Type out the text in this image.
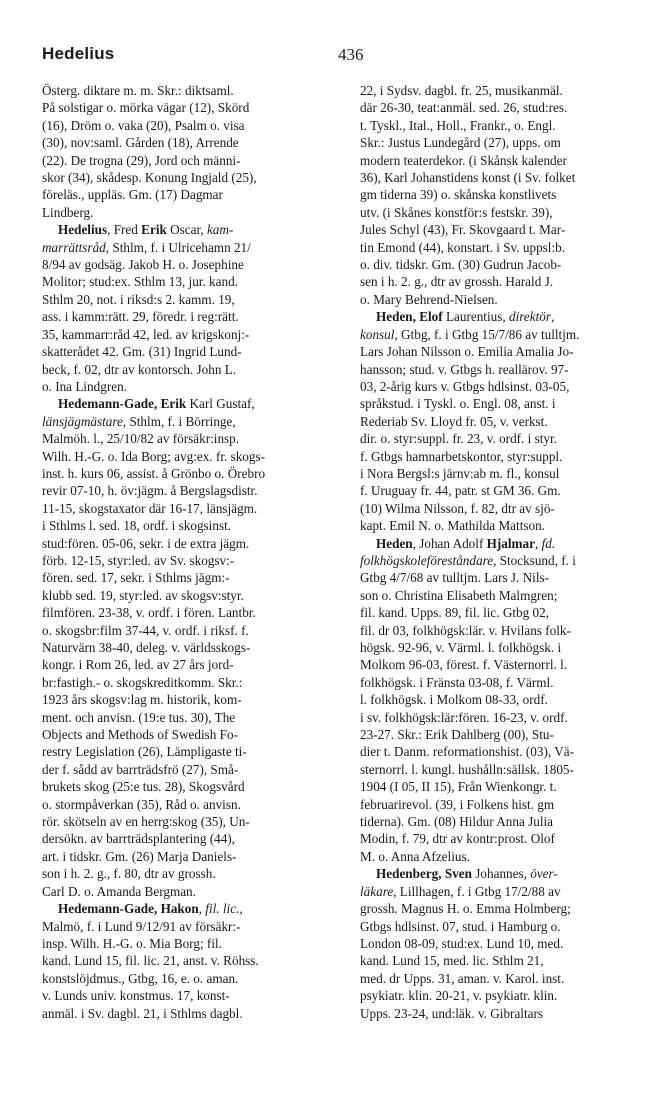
Hedelius	436
Österg. diktare m. m. Skr.: diktsaml.
På solstigar o. mörka vägar (12), Skörd
(16), Dröm o. vaka (20), Psalm o. visa
(30), nov:saml. Gården (18), Arrende
(22). De trogna (29), Jord och männi-
skor (34), skådesp. Konung Ingjald (25),
föreläs., uppläs. Gm. (17) Dagmar
Lindberg.
Hedelius, Fred Erik Oscar, kam-
marrättsråd, Sthlm, f. i Ulricehamn 21/
8/94 av godsäg. Jakob H. o. Josephine
Molitor; stud:ex. Sthlm 13, jur. kand.
Sthlm 20, not. i riksd:s 2. kamm. 19,
ass. i kamm:rätt. 29, föredr. i reg:rätt.
35, kammarr:råd 42, led. av krigskonj:-
skatterådet 42. Gm. (31) Ingrid Lund-
beck, f. 02, dtr av kontorsch. John L.
o. Ina Lindgren.
Hedemann-Gade, Erik Karl Gustaf,
länsjägmästare, Sthlm, f. i Börringe,
Malmöh. l., 25/10/82 av försäkr:insp.
Wilh. H.-G. o. Ida Borg; avg:ex. fr. skogs-
inst. h. kurs 06, assist. å Grönbo o. Örebro
revir 07-10, h. öv:jägm. å Bergslagsdistr.
11-15, skogstaxator där 16-17, länsjägm.
i Sthlms l. sed. 18, ordf. i skogsinst.
stud:fören. 05-06, sekr. i de extra jägm.
förb. 12-15, styr:led. av Sv. skogsv:-
fören. sed. 17, sekr. i Sthlms jägm:-
klubb sed. 19, styr:led. av skogsv:styr.
filmfören. 23-38, v. ordf. i fören. Lantbr.
o. skogsbr:film 37-44, v. ordf. i riksf. f.
Naturvärn 38-40, deleg. v. världsskogs-
kongr. i Rom 26, led. av 27 års jord-
br:fastigh.- o. skogskreditkomm. Skr.:
1923 års skogsv:lag m. historik, kom-
ment. och anvisn. (19:e tus. 30), The
Objects and Methods of Swedish Fo-
restry Legislation (26), Lämpligaste ti-
der f. sådd av barrträdsfrö (27), Små-
brukets skog (25:e tus. 28), Skogsvård
o. stormpåverkan (35), Råd o. anvisn.
rör. skötseln av en herrg:skog (35), Un-
dersökn. av barrträdsplantering (44),
art. i tidskr. Gm. (26) Marja Daniels-
son i h. 2. g., f. 80, dtr av grossh.
Carl D. o. Amanda Bergman.
Hedemann-Gade, Hakon, fil. lic.,
Malmö, f. i Lund 9/12/91 av försäkr:-
insp. Wilh. H.-G. o. Mia Borg; fil.
kand. Lund 15, fil. lic. 21, anst. v. Röhss.
konstslöjdmus., Gtbg, 16, e. o. aman.
v. Lunds univ. konstmus. 17, konst-
anmäl. i Sv. dagbl. 21, i Sthlms dagbl.
22, i Sydsv. dagbl. fr. 25, musikanmäl.
där 26-30, teat:anmäl. sed. 26, stud:res.
t. Tyskl., Ital., Holl., Frankr., o. Engl.
Skr.: Justus Lundegård (27), upps. om
modern teaterdekor. (i Skånsk kalender
36), Karl Johanstidens konst (i Sv. folket
gm tiderna 39) o. skånska konstlivets
utv. (i Skånes konstför:s festskr. 39),
Jules Schyl (43), Fr. Skovgaard t. Mar-
tin Emond (44), konstart. i Sv. uppsl:b.
o. div. tidskr. Gm. (30) Gudrun Jacob-
sen i h. 2. g., dtr av grossh. Harald J.
o. Mary Behrend-Nielsen.
Heden, Elof Laurentius, direktör,
konsul, Gtbg, f. i Gtbg 15/7/86 av tulltjm.
Lars Johan Nilsson o. Emilia Amalia Jo-
hansson; stud. v. Gtbgs h. reallärov. 97-
03, 2-årig kurs v. Gtbgs hdlsinst. 03-05,
språkstud. i Tyskl. o. Engl. 08, anst. i
Rederiab Sv. Lloyd fr. 05, v. verkst.
dir. o. styr:suppl. fr. 23, v. ordf. i styr.
f. Gtbgs hamnarbetskontor, styr:suppl.
i Nora Bergsl:s järnv:ab m. fl., konsul
f. Uruguay fr. 44, patr. st GM 36. Gm.
(10) Wilma Nilsson, f. 82, dtr av sjö-
kapt. Emil N. o. Mathilda Mattson.
Heden, Johan Adolf Hjalmar, fd.
folkhögskoleföreståndare, Stocksund, f. i
Gtbg 4/7/68 av tulltjm. Lars J. Nils-
son o. Christina Elisabeth Malmgren;
fil. kand. Upps. 89, fil. lic. Gtbg 02,
fil. dr 03, folkhögsk:lär. v. Hvilans folk-
högsk. 92-96, v. Värml. l. folkhögsk. i
Molkom 96-03, förest. f. Västernorrl. l.
folkhögsk. i Fränsta 03-08, f. Värml.
l. folkhögsk. i Molkom 08-33, ordf.
i sv. folkhögsk:lär:fören. 16-23, v. ordf.
23-27. Skr.: Erik Dahlberg (00), Stu-
dier t. Danm. reformationshist. (03), Vä-
sternorrl. l. kungl. hushålln:sällsk. 1805-
1904 (I 05, II 15), Från Wienkongr. t.
februarirevol. (39, i Folkens hist. gm
tiderna). Gm. (08) Hildur Anna Julia
Modin, f. 79, dtr av kontr:prost. Olof
M. o. Anna Afzelius.
Hedenberg, Sven Johannes, över-
läkare, Lillhagen, f. i Gtbg 17/2/88 av
grossh. Magnus H. o. Emma Holmberg;
Gtbgs hdlsinst. 07, stud. i Hamburg o.
London 08-09, stud:ex. Lund 10, med.
kand. Lund 15, med. lic. Sthlm 21,
med. dr Upps. 31, aman. v. Karol. inst.
psykiatr. klin. 20-21, v. psykiatr. klin.
Upps. 23-24, und:läk. v. Gibraltars
